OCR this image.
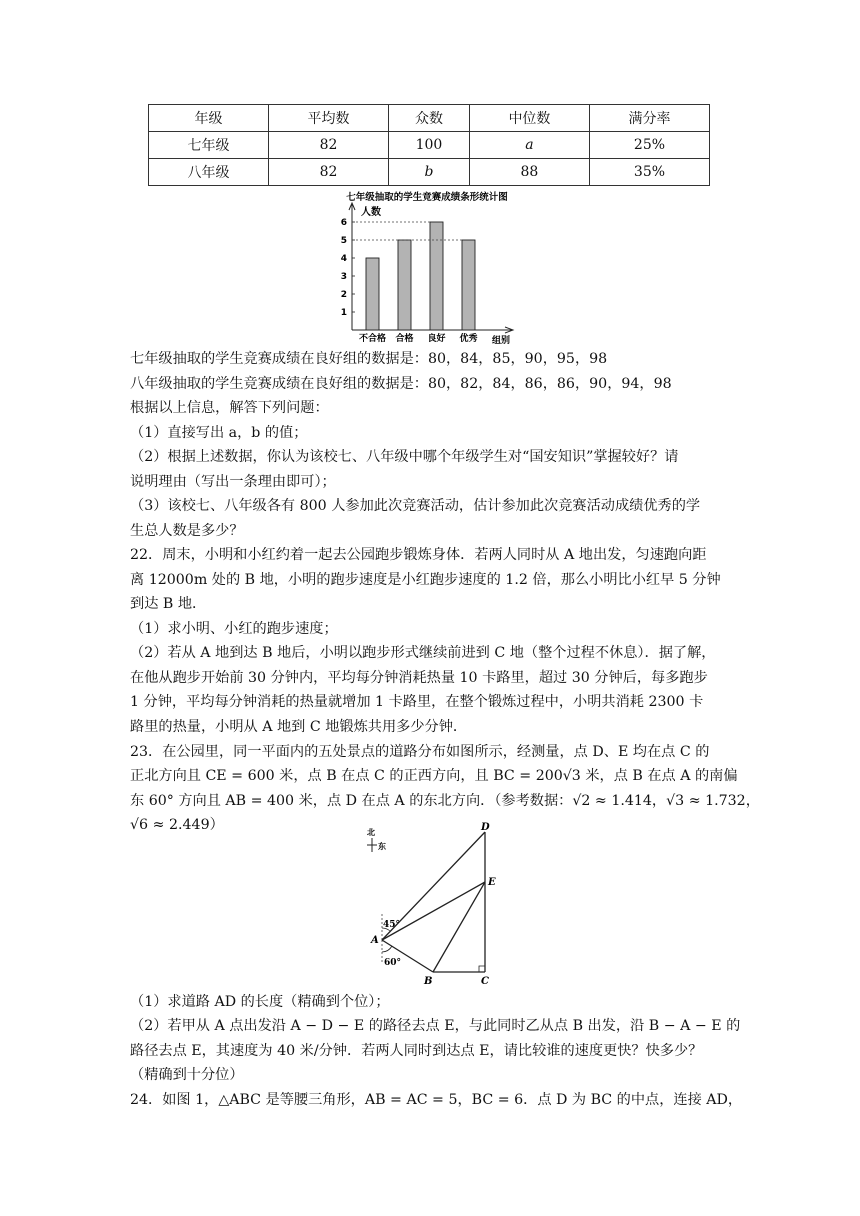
年级	平均数	众数	中位数	满分率
七年级	82	100	a	25%
八年级	82	b	88	35%
七年级抽取的学生竞赛成绩条形统计图
人数
组别
1
2
3
4
5
6
不合格 合格 良好 优秀
七年级抽取的学生竞赛成绩在良好组的数据是：80，84，85，90，95，98
八年级抽取的学生竞赛成绩在良好组的数据是：80，82，84，86，86，90，94，98
根据以上信息，解答下列问题：
（1）直接写出 a，b 的值；
（2）根据上述数据，你认为该校七、八年级中哪个年级学生对“国安知识”掌握较好？请
说明理由（写出一条理由即可）；
（3）该校七、八年级各有 800 人参加此次竞赛活动，估计参加此次竞赛活动成绩优秀的学
生总人数是多少？
22．周末，小明和小红约着一起去公园跑步锻炼身体．若两人同时从 A 地出发，匀速跑向距
离 12000m 处的 B 地，小明的跑步速度是小红跑步速度的 1.2 倍，那么小明比小红早 5 分钟
到达 B 地．
（1）求小明、小红的跑步速度；
（2）若从 A 地到达 B 地后，小明以跑步形式继续前进到 C 地（整个过程不休息）．据了解，
在他从跑步开始前 30 分钟内，平均每分钟消耗热量 10 卡路里，超过 30 分钟后，每多跑步
1 分钟，平均每分钟消耗的热量就增加 1 卡路里，在整个锻炼过程中，小明共消耗 2300 卡
路里的热量，小明从 A 地到 C 地锻炼共用多少分钟．
23．在公园里，同一平面内的五处景点的道路分布如图所示，经测量，点 D、E 均在点 C 的
正北方向且 CE = 600 米，点 B 在点 C 的正西方向，且 BC = 200√3 米，点 B 在点 A 的南偏
东 60° 方向且 AB = 400 米，点 D 在点 A 的东北方向．（参考数据：√2 ≈ 1.414，√3 ≈ 1.732，
√6 ≈ 2.449）	北
东
45°
60°
A
B	C
D
E
（1）求道路 AD 的长度（精确到个位）；
（2）若甲从 A 点出发沿 A − D − E 的路径去点 E，与此同时乙从点 B 出发，沿 B − A − E 的
路径去点 E，其速度为 40 米/分钟．若两人同时到达点 E，请比较谁的速度更快？快多少？
（精确到十分位）
24．如图 1，△ABC 是等腰三角形，AB = AC = 5，BC = 6．点 D 为 BC 的中点，连接 AD，
